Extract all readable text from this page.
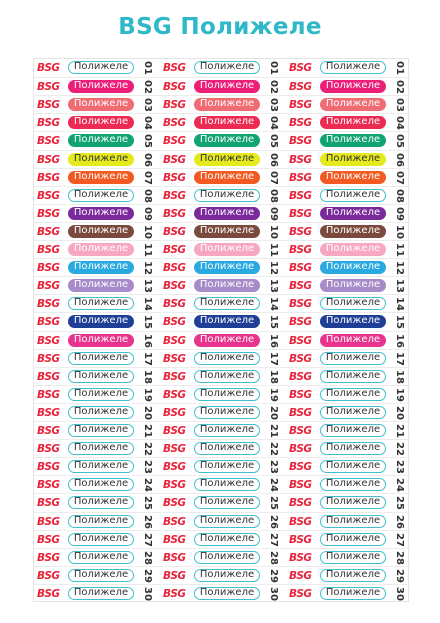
BSG Полижеле
BSG	Полижеле	01 BSG	Полижеле	01 BSG	Полижеле	01
BSG	Полижеле	02 BSG	Полижеле	02 BSG	Полижеле	02
BSG	Полижеле	03 BSG	Полижеле	03 BSG	Полижеле	03
BSG	Полижеле	04 BSG	Полижеле	04 BSG	Полижеле	04
BSG	Полижеле	05 BSG	Полижеле	05 BSG	Полижеле	05
BSG	Полижеле	06 BSG	Полижеле	06 BSG	Полижеле	06
BSG	Полижеле	07 BSG	Полижеле	07 BSG	Полижеле	07
BSG	Полижеле	08 BSG	Полижеле	08 BSG	Полижеле	08
BSG	Полижеле	09 BSG	Полижеле	09 BSG	Полижеле	09
BSG	Полижеле	10 BSG	Полижеле	10 BSG	Полижеле	10
BSG	Полижеле	11 BSG	Полижеле	11 BSG	Полижеле	11
BSG	Полижеле	12 BSG	Полижеле	12 BSG	Полижеле	12
BSG	Полижеле	13 BSG	Полижеле	13 BSG	Полижеле	13
BSG	Полижеле	14 BSG	Полижеле	14 BSG	Полижеле	14
BSG	Полижеле	15 BSG	Полижеле	15 BSG	Полижеле	15
BSG	Полижеле	16 BSG	Полижеле	16 BSG	Полижеле	16
BSG	Полижеле	17 BSG	Полижеле	17 BSG	Полижеле	17
BSG	Полижеле	18 BSG	Полижеле	18 BSG	Полижеле	18
BSG	Полижеле	19 BSG	Полижеле	19 BSG	Полижеле	19
BSG	Полижеле	20 BSG	Полижеле	20 BSG	Полижеле	20
BSG	Полижеле	21 BSG	Полижеле	21 BSG	Полижеле	21
BSG	Полижеле	22 BSG	Полижеле	22 BSG	Полижеле	22
BSG	Полижеле	23 BSG	Полижеле	23 BSG	Полижеле	23
BSG	Полижеле	24 BSG	Полижеле	24 BSG	Полижеле	24
BSG	Полижеле	25 BSG	Полижеле	25 BSG	Полижеле	25
BSG	Полижеле	26 BSG	Полижеле	26 BSG	Полижеле	26
BSG	Полижеле	27 BSG	Полижеле	27 BSG	Полижеле	27
BSG	Полижеле	28 BSG	Полижеле	28 BSG	Полижеле	28
BSG	Полижеле	29 BSG	Полижеле	29 BSG	Полижеле	29
BSG	Полижеле	30 BSG	Полижеле	30 BSG	Полижеле	30
